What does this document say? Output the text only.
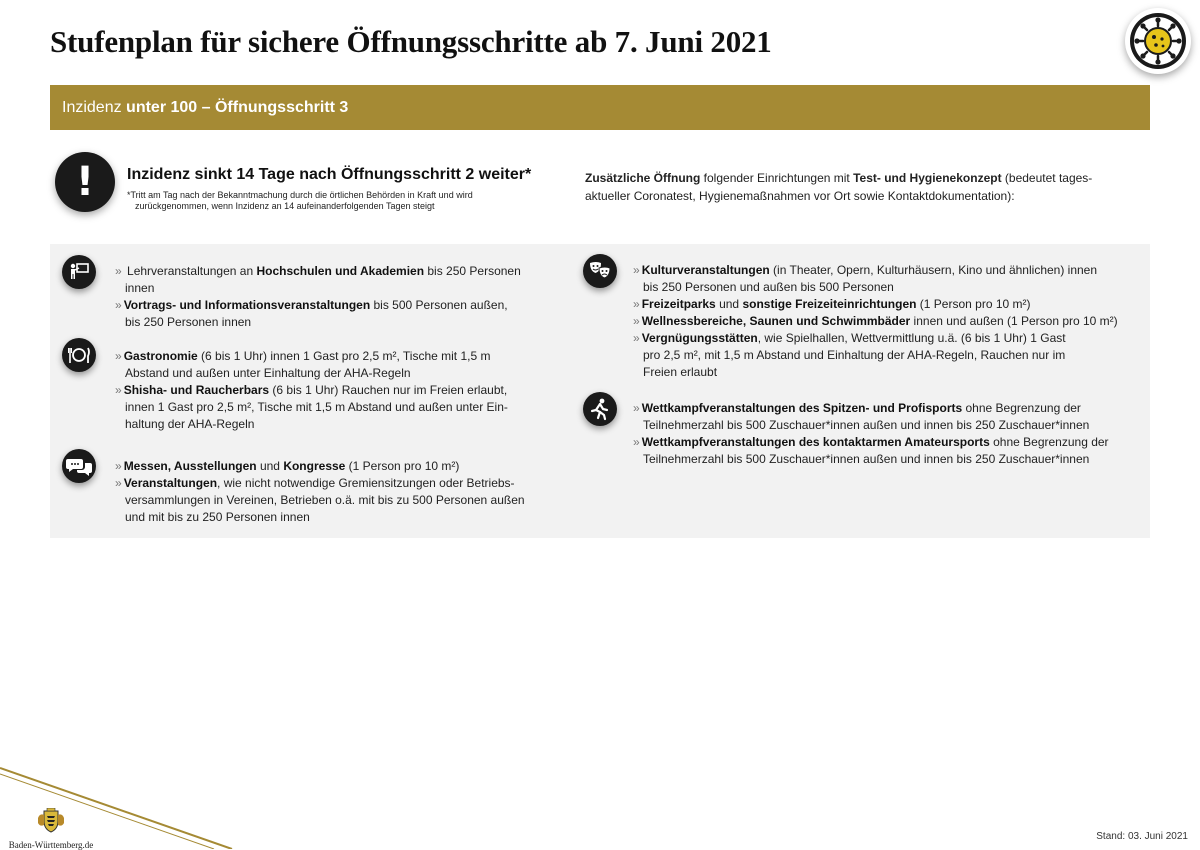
Stufenplan für sichere Öffnungsschritte ab 7. Juni 2021
Inzidenz unter 100 – Öffnungsschritt 3
!	Inzidenz sinkt 14 Tage nach Öffnungsschritt 2 weiter*
*Tritt am Tag nach der Bekanntmachung durch die örtlichen Behörden in Kraft und wird
zurückgenommen, wenn Inzidenz an 14 aufeinanderfolgenden Tagen steigt
Zusätzliche Öffnung folgender Einrichtungen mit Test- und Hygienekonzept (bedeutet tages-
aktueller Coronatest, Hygienemaßnahmen vor Ort sowie Kontaktdokumentation):
» Lehrveranstaltungen an Hochschulen und Akademien bis 250 Personen
innen
» Vortrags- und Informationsveranstaltungen bis 500 Personen außen,
bis 250 Personen innen
» Gastronomie (6 bis 1 Uhr) innen 1 Gast pro 2,5 m², Tische mit 1,5 m
Abstand und außen unter Einhaltung der AHA-Regeln
» Shisha- und Raucherbars (6 bis 1 Uhr) Rauchen nur im Freien erlaubt,
innen 1 Gast pro 2,5 m², Tische mit 1,5 m Abstand und außen unter Ein-
haltung der AHA-Regeln
» Messen, Ausstellungen und Kongresse (1 Person pro 10 m²)
» Veranstaltungen, wie nicht notwendige Gremiensitzungen oder Betriebs-
versammlungen in Vereinen, Betrieben o.ä. mit bis zu 500 Personen außen
und mit bis zu 250 Personen innen
» Kulturveranstaltungen (in Theater, Opern, Kulturhäusern, Kino und ähnlichen) innen
bis 250 Personen und außen bis 500 Personen
» Freizeitparks und sonstige Freizeiteinrichtungen (1 Person pro 10 m²)
» Wellnessbereiche, Saunen und Schwimmbäder innen und außen (1 Person pro 10 m²)
» Vergnügungsstätten, wie Spielhallen, Wettvermittlung u.ä. (6 bis 1 Uhr) 1 Gast
pro 2,5 m², mit 1,5 m Abstand und Einhaltung der AHA-Regeln, Rauchen nur im
Freien erlaubt
» Wettkampfveranstaltungen des Spitzen- und Profisports ohne Begrenzung der
Teilnehmerzahl bis 500 Zuschauer*innen außen und innen bis 250 Zuschauer*innen
» Wettkampfveranstaltungen des kontaktarmen Amateursports ohne Begrenzung der
Teilnehmerzahl bis 500 Zuschauer*innen außen und innen bis 250 Zuschauer*innen
Baden-Württemberg.de
Stand: 03. Juni 2021
